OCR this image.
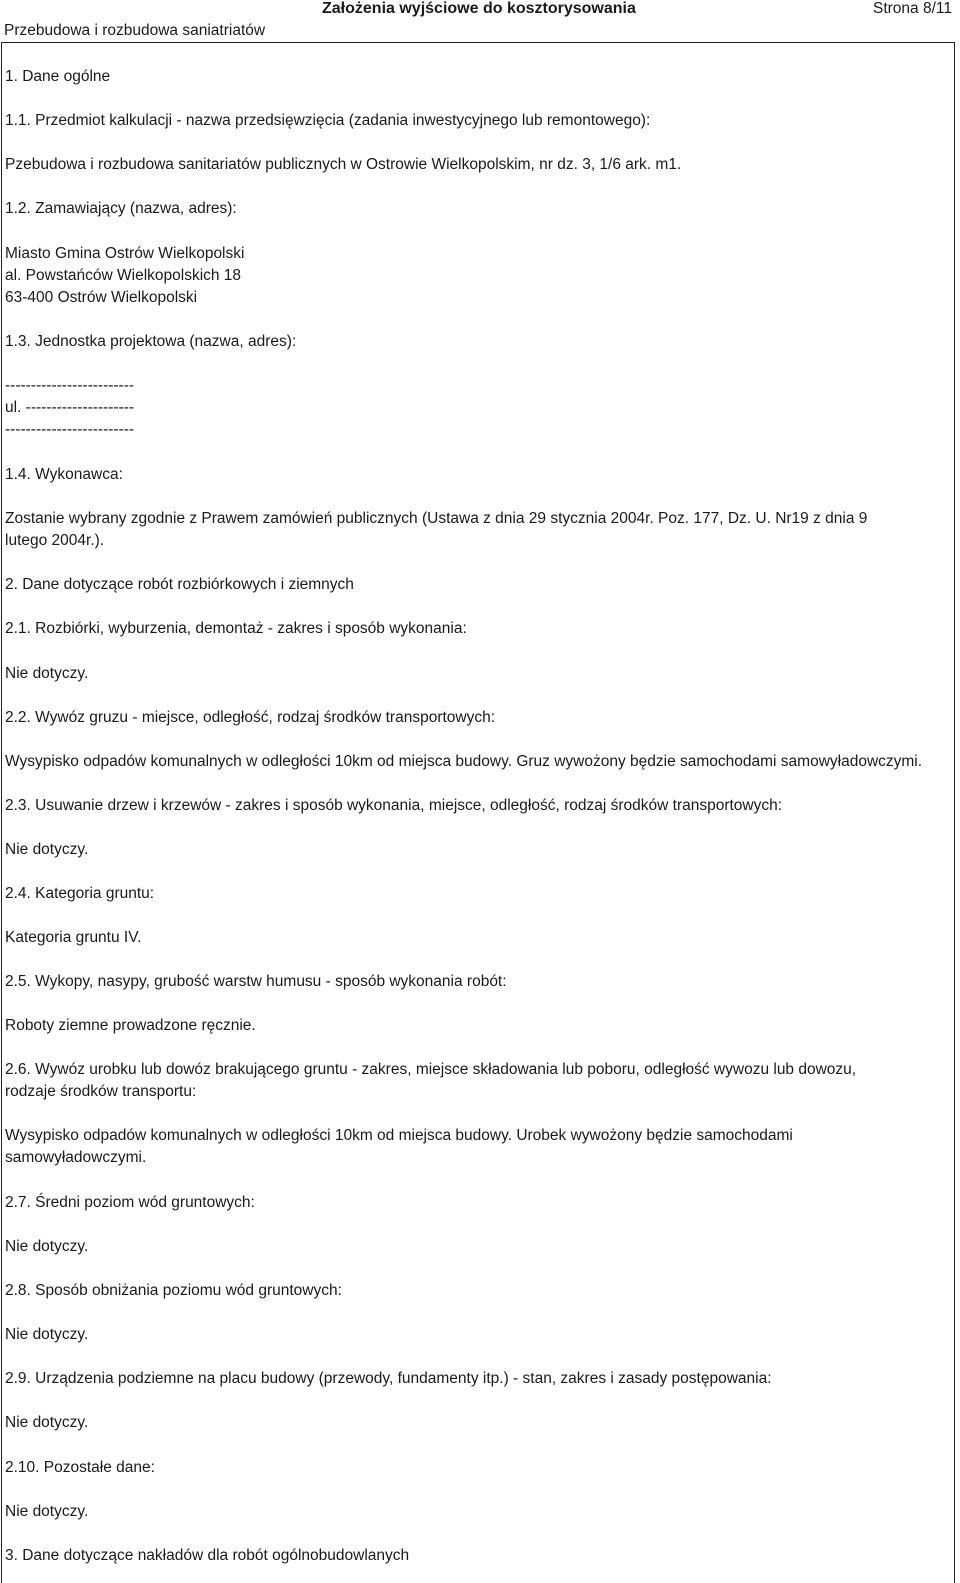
Przebudowa i rozbudowa saniatriatów
Założenia wyjściowe do kosztorysowania	Strona 8/11
1. Dane ogólne
1.1. Przedmiot kalkulacji - nazwa przedsięwzięcia (zadania inwestycyjnego lub remontowego):
Pzebudowa i rozbudowa sanitariatów publicznych w Ostrowie Wielkopolskim, nr dz. 3, 1/6 ark. m1.
1.2. Zamawiający (nazwa, adres):
Miasto Gmina Ostrów Wielkopolski
al. Powstańców Wielkopolskich 18
63-400 Ostrów Wielkopolski
1.3. Jednostka projektowa (nazwa, adres):
-------------------------
ul. ---------------------
-------------------------
1.4. Wykonawca:
Zostanie wybrany zgodnie z Prawem zamówień publicznych (Ustawa z dnia 29 stycznia 2004r. Poz. 177, Dz. U. Nr19 z dnia 9 lutego 2004r.).
2. Dane dotyczące robót rozbiórkowych i ziemnych
2.1. Rozbiórki, wyburzenia, demontaż - zakres i sposób wykonania:
Nie dotyczy.
2.2. Wywóz gruzu - miejsce, odległość, rodzaj środków transportowych:
Wysypisko odpadów komunalnych w odległości 10km od miejsca budowy. Gruz wywożony będzie samochodami samowyładowczymi.
2.3. Usuwanie drzew i krzewów - zakres i sposób wykonania, miejsce, odległość, rodzaj środków transportowych:
Nie dotyczy.
2.4. Kategoria gruntu:
Kategoria gruntu IV.
2.5. Wykopy, nasypy, grubość warstw humusu - sposób wykonania robót:
Roboty ziemne prowadzone ręcznie.
2.6. Wywóz urobku lub dowóz brakującego gruntu - zakres, miejsce składowania lub poboru, odległość wywozu lub dowozu, rodzaje środków transportu:
Wysypisko odpadów komunalnych w odległości 10km od miejsca budowy. Urobek wywożony będzie samochodami samowyładowczymi.
2.7. Średni poziom wód gruntowych:
Nie dotyczy.
2.8. Sposób obniżania poziomu wód gruntowych:
Nie dotyczy.
2.9. Urządzenia podziemne na placu budowy (przewody, fundamenty itp.) - stan, zakres i zasady postępowania:
Nie dotyczy.
2.10. Pozostałe dane:
Nie dotyczy.
3. Dane dotyczące nakładów dla robót ogólnobudowlanych
